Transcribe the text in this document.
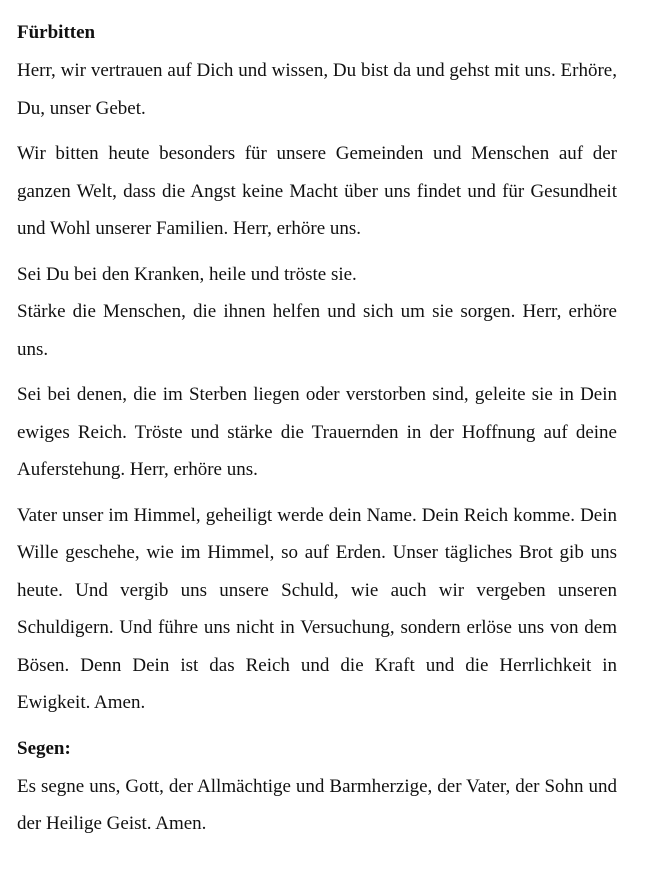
Fürbitten

Herr, wir vertrauen auf Dich und wissen, Du bist da und gehst mit uns. Erhöre, Du, unser Gebet.

Wir bitten heute besonders für unsere Gemeinden und Menschen auf der ganzen Welt, dass die Angst keine Macht über uns findet und für Gesundheit und Wohl unserer Familien. Herr, erhöre uns.

Sei Du bei den Kranken, heile und tröste sie.

Stärke die Menschen, die ihnen helfen und sich um sie sorgen. Herr, erhöre uns.

Sei bei denen, die im Sterben liegen oder verstorben sind, geleite sie in Dein ewiges Reich. Tröste und stärke die Trauernden in der Hoffnung auf deine Auferstehung. Herr, erhöre uns.

Vater unser im Himmel, geheiligt werde dein Name. Dein Reich komme. Dein Wille geschehe, wie im Himmel, so auf Erden. Unser tägliches Brot gib uns heute. Und vergib uns unsere Schuld, wie auch wir vergeben unseren Schuldigern. Und führe uns nicht in Versuchung, sondern erlöse uns von dem Bösen. Denn Dein ist das Reich und die Kraft und die Herrlichkeit in Ewigkeit. Amen.

Segen:

Es segne uns, Gott, der Allmächtige und Barmherzige, der Vater, der Sohn und der Heilige Geist. Amen.
